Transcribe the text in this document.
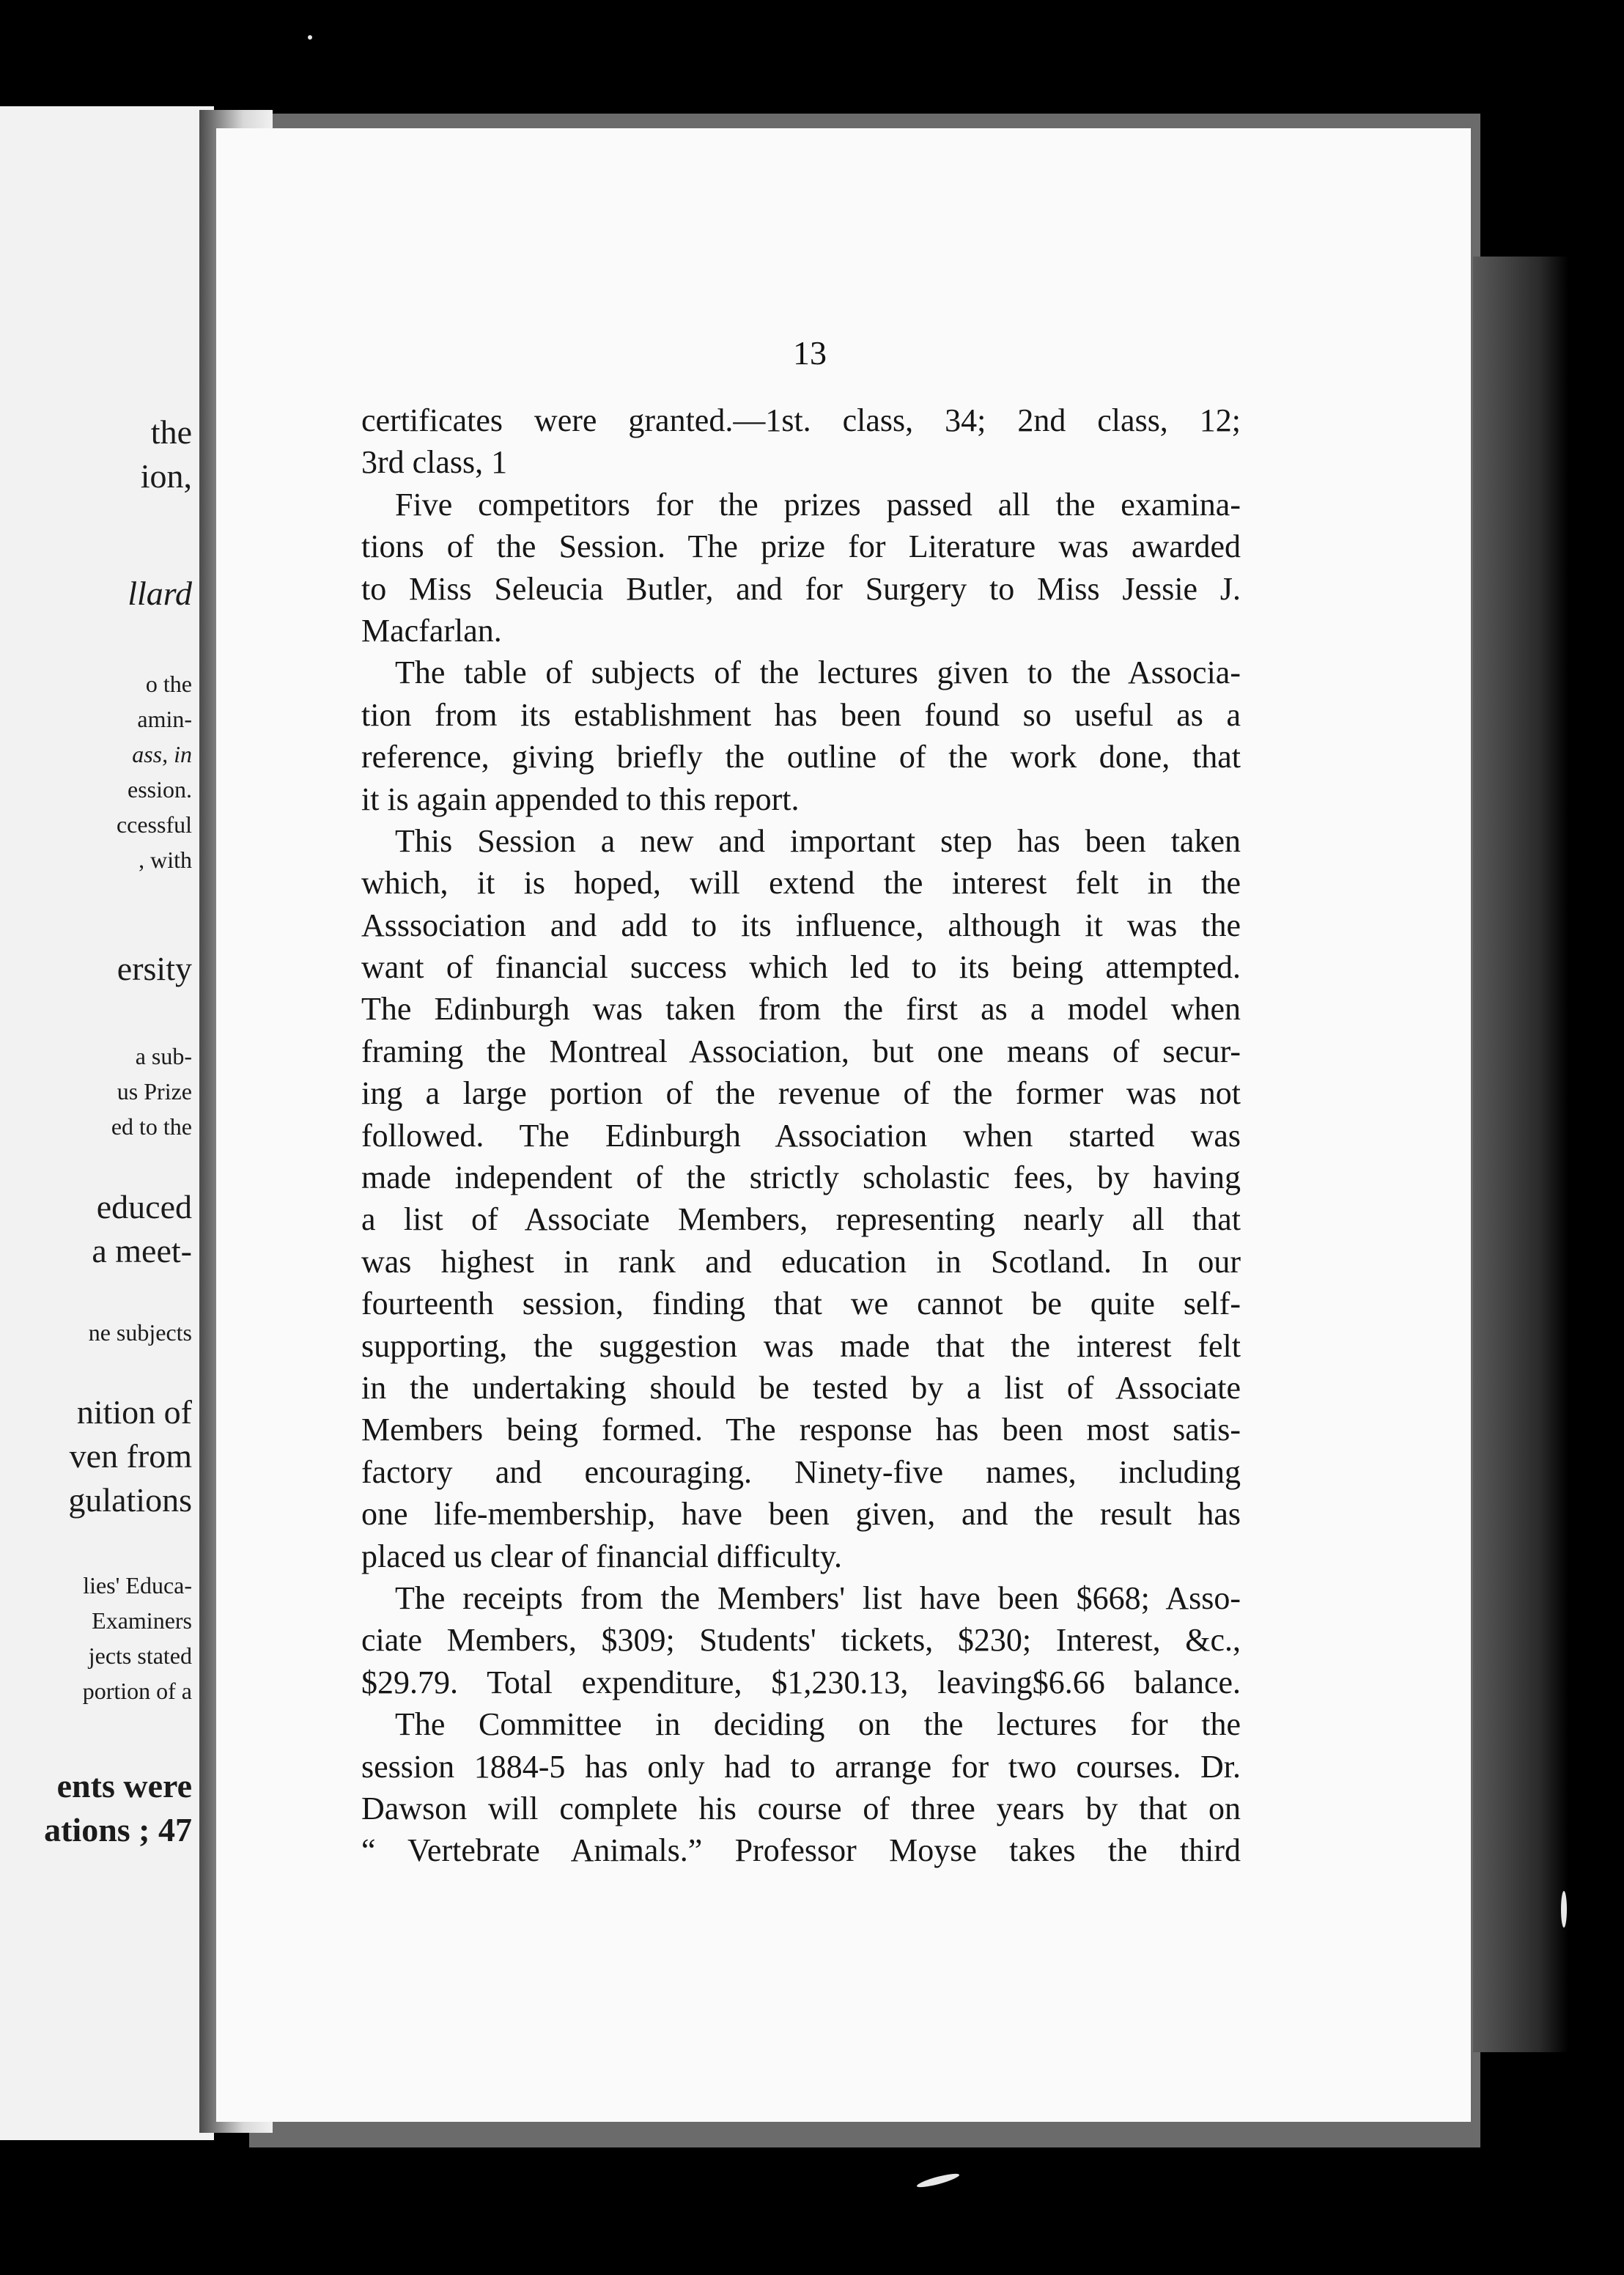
the
ion,
llard
o the
amin-
ass, in
ession.
ccessful
, with
ersity
a sub-
us Prize
ed to the
educed
a meet-
ne subjects
nition of
ven from
gulations
lies' Educa-
Examiners
jects stated
portion of a
ents were
ations ; 47
13
certificates were granted.—1st. class, 34; 2nd class, 12;
3rd class, 1
Five competitors for the prizes passed all the examina-
tions of the Session. The prize for Literature was awarded
to Miss Seleucia Butler, and for Surgery to Miss Jessie J.
Macfarlan.
The table of subjects of the lectures given to the Associa-
tion from its establishment has been found so useful as a
reference, giving briefly the outline of the work done, that
it is again appended to this report.
This Session a new and important step has been taken
which, it is hoped, will extend the interest felt in the
Asssociation and add to its influence, although it was the
want of financial success which led to its being attempted.
The Edinburgh was taken from the first as a model when
framing the Montreal Association, but one means of secur-
ing a large portion of the revenue of the former was not
followed. The Edinburgh Association when started was
made independent of the strictly scholastic fees, by having
a list of Associate Members, representing nearly all that
was highest in rank and education in Scotland. In our
fourteenth session, finding that we cannot be quite self-
supporting, the suggestion was made that the interest felt
in the undertaking should be tested by a list of Associate
Members being formed. The response has been most satis-
factory and encouraging. Ninety-five names, including
one life-membership, have been given, and the result has
placed us clear of financial difficulty.
The receipts from the Members' list have been $668; Asso-
ciate Members, $309; Students' tickets, $230; Interest, &c.,
$29.79. Total expenditure, $1,230.13, leaving$6.66 balance.
The Committee in deciding on the lectures for the
session 1884-5 has only had to arrange for two courses. Dr.
Dawson will complete his course of three years by that on
“ Vertebrate Animals.” Professor Moyse takes the third
